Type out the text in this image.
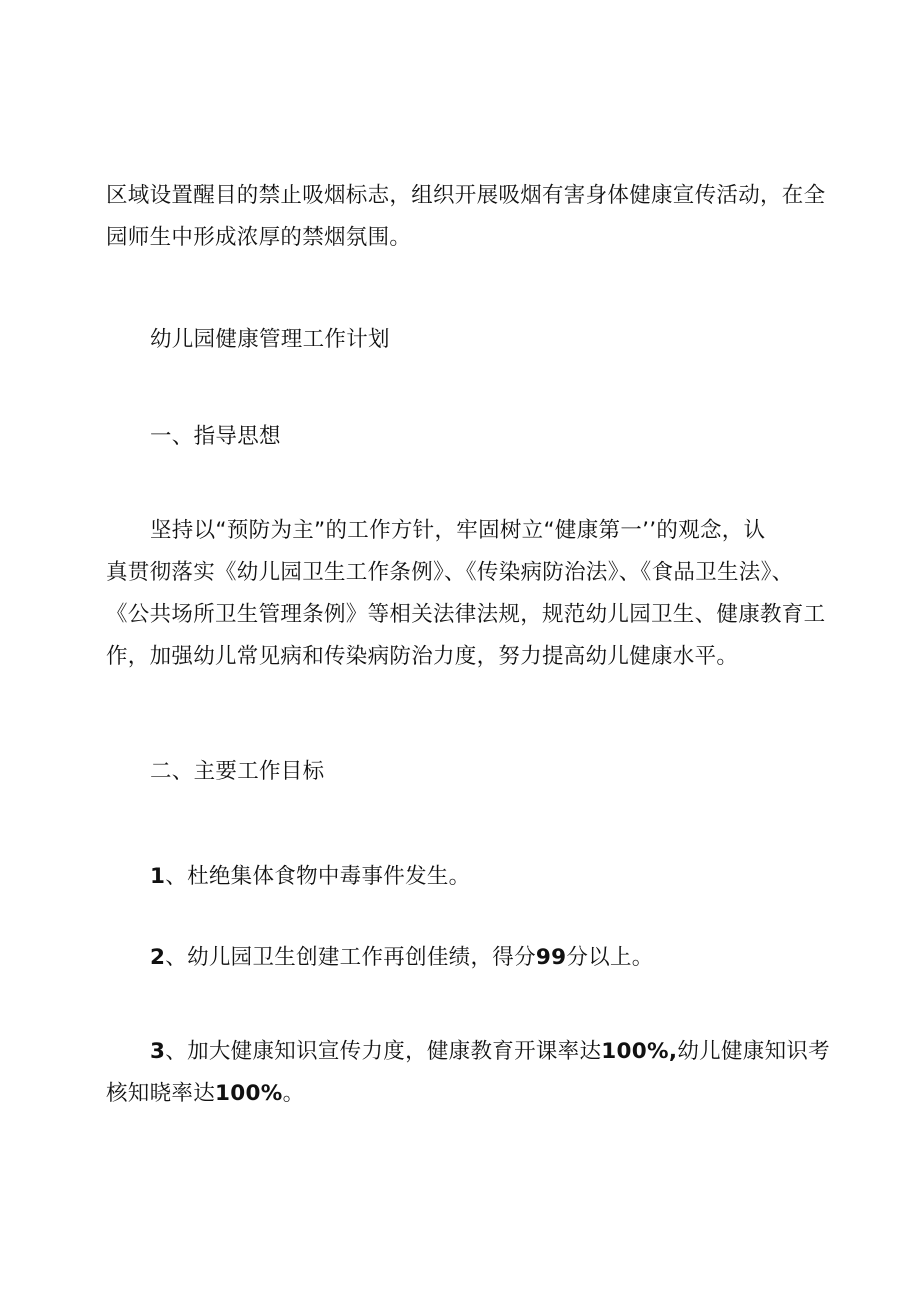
区域设置醒目的禁止吸烟标志，组织开展吸烟有害身体健康宣传活动，在全
园师生中形成浓厚的禁烟氛围。
幼儿园健康管理工作计划
一、指导思想
坚持以“预防为主”的工作方针，牢固树立“健康第一’’的观念，认
真贯彻落实《幼儿园卫生工作条例》、《传染病防治法》、《食品卫生法》、
《公共场所卫生管理条例》等相关法律法规，规范幼儿园卫生、健康教育工
作，加强幼儿常见病和传染病防治力度，努力提高幼儿健康水平。
二、主要工作目标
1、杜绝集体食物中毒事件发生。
2、幼儿园卫生创建工作再创佳绩，得分99分以上。
3、加大健康知识宣传力度，健康教育开课率达100%,幼儿健康知识考
核知晓率达100%。
